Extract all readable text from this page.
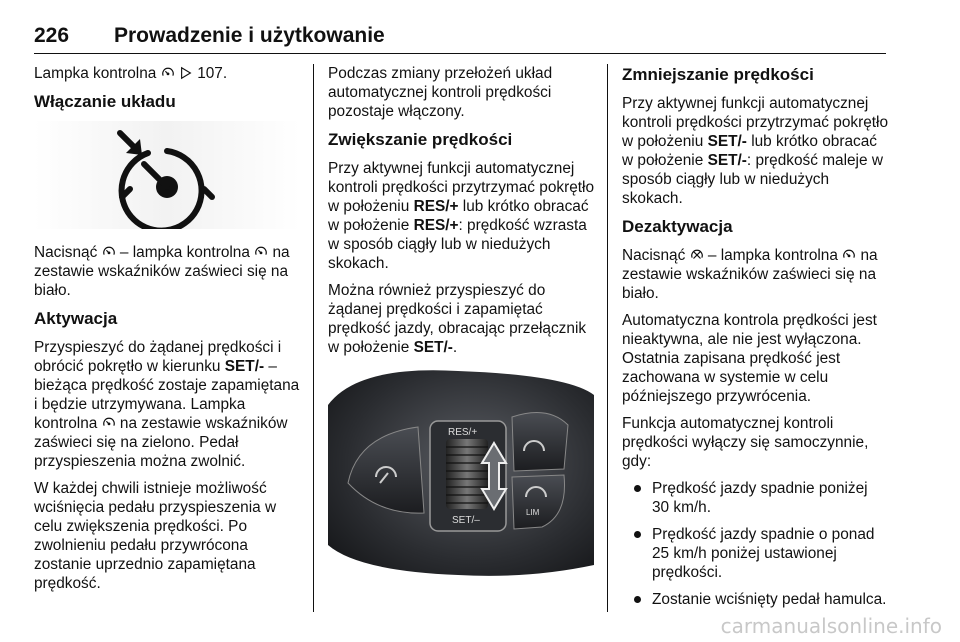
226 Prowadzenie i użytkowanie
Lampka kontrolna
	107.
Włączanie układu
Nacisnąć – lampka kontrolna na zestawie wskaźników zaświeci się na biało.
Aktywacja
Przyspieszyć do żądanej prędkości i obrócić pokrętło w kierunku SET/- – bieżąca prędkość zostaje zapamiętana i będzie utrzymywana. Lampka kontrolna na zestawie wskaźników zaświeci się na zielono. Pedał przyspieszenia można zwolnić.
W każdej chwili istnieje możliwość wciśnięcia pedału przyspieszenia w celu zwiększenia prędkości. Po zwolnieniu pedału przywrócona zostanie uprzednio zapamiętana prędkość.
Podczas zmiany przełożeń układ automatycznej kontroli prędkości pozostaje włączony.
Zwiększanie prędkości
Przy aktywnej funkcji automatycznej kontroli prędkości przytrzymać pokrętło w położeniu RES/+ lub krótko obracać w położenie RES/+: prędkość wzrasta w sposób ciągły lub w niedużych skokach.
Można również przyspieszyć do żądanej prędkości i zapamiętać prędkość jazdy, obracając przełącznik w położenie SET/-.
RES/+
SET/–
LIM
Zmniejszanie prędkości
Przy aktywnej funkcji automatycznej kontroli prędkości przytrzymać pokrętło w położeniu SET/- lub krótko obracać w położenie SET/-: prędkość maleje w sposób ciągły lub w niedużych skokach.
Dezaktywacja
Nacisnąć – lampka kontrolna na zestawie wskaźników zaświeci się na biało.
Automatyczna kontrola prędkości jest nieaktywna, ale nie jest wyłączona. Ostatnia zapisana prędkość jest zachowana w systemie w celu późniejszego przywrócenia.
Funkcja automatycznej kontroli prędkości wyłączy się samoczynnie, gdy:
Prędkość jazdy spadnie poniżej 30 km/h.
Prędkość jazdy spadnie o ponad 25 km/h poniżej ustawionej prędkości.
Zostanie wciśnięty pedał hamulca.
carmanualsonline.info
